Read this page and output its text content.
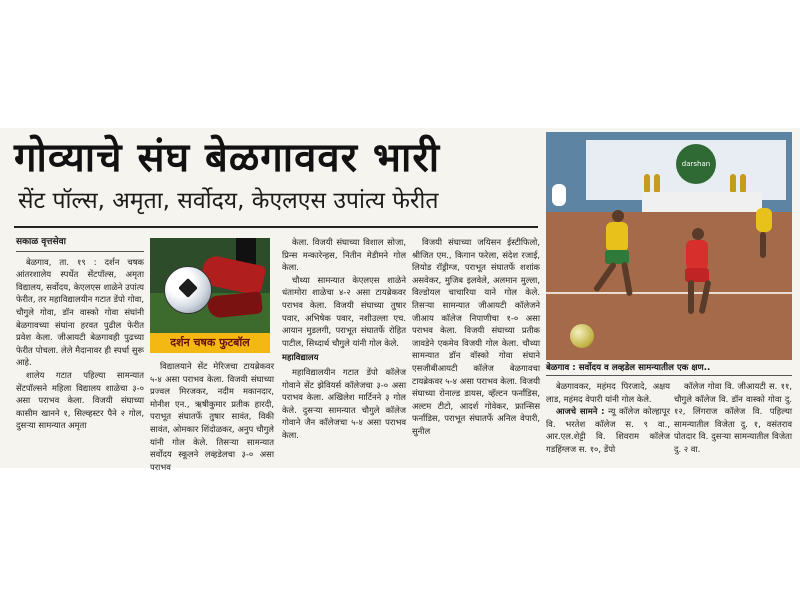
गोव्याचे संघ बेळगाववर भारी
सेंट पॉल्स, अमृता, सर्वोदय, केएलएस उपांत्य फेरीत
सकाळ वृत्तसेवा

बेळगाव, ता. १९ : दर्शन चषक आंतरशालेय स्पर्धेत सेंटपॉल्स, अमृता विद्यालय, सर्वोदय, केएलएस शाळेने उपांत्य फेरीत, तर महाविद्यालयीन गटात डेंपो गोवा, चौगुले गोवा, डॉन वास्को गोवा संघांनी बेळगावच्या संघांना हरवत पुढील फेरीत प्रवेश केला. जीआयटी बेळगावही पुढच्या फेरीत पोचला. लेले मैदानावर ही स्पर्धा सुरू आहे.

शालेय गटात पहिल्या सामन्यात सेंटपॉल्सने महिला विद्यालय शाळेचा ३-० असा पराभव केला. विजयी संघाच्या कासीम खानने १, सिल्व्हस्टर पैने २ गोल, दुसऱ्या सामन्यात अमृता

दर्शन चषक फुटबॉल

विद्यालयाने सेंट मेरिजचा टायब्रेकवर ५-४ असा पराभव केला. विजयी संघाच्या प्रज्वल मिरजकर, नदीम मकानदार, मोनीश एन., ऋषीकुमार प्रतीक हारदी, पराभूत संघातर्फे तुषार सावंत, विकी सावंत, ओमकार शिंदोळकर, अनुप चौगुले यांनी गोल केले. तिसऱ्या सामन्यात सर्वोदय स्कूलने लव्हडेलचा ३-० असा पराभव

केला. विजयी संघाच्या विशाल सोजा, प्रिन्स मन्कारेन्हस, नितीन मेडीमने गोल केला.

चौथ्या सामन्यात केएलएस शाळेने धंतामोरा शाळेचा ४-२ असा टायब्रेकवर पराभव केला. विजयी संघाच्या तुषार पवार, अभिषेक पवार, नशीउल्ला एच. आयान मुडलगी, पराभूत संघातर्फे रोहित पाटील, सिध्दार्थ चौगुले यांनी गोल केले.

महाविद्यालय

महाविद्यालयीन गटात डेंपो कॉलेज गोवाने सेंट झेवियर्स कॉलेजचा ३-० असा पराभव केला. अखिलेश मार्टिनने ३ गोल केले. दुसऱ्या सामन्यात चौगुले कॉलेज गोवाने जैन कॉलेजचा ५-४ असा पराभव केला.

विजयी संघाच्या जयिसन ईस्टीफिलो, श्रीजित एम., किगान फरेला, संदेश रजाई, लियोड रॉड्रीग्ज, पराभूत संघातर्फे शशांक असवेकर, मुजिब इलवेले, अलमान मुल्ला, विल्डोयल चाचारिया याने गोल केले. तिसऱ्या सामन्यात जीआयटी कॉलेजने जीआय कॉलेज निपाणीचा १-० असा पराभव केला. विजयी संघाच्या प्रतीक जावडेने एकमेव विजयी गोल केला. चौथ्या सामन्यात डॉन वॉस्को गोवा संघाने एसजीबीआयटी कॉलेज बेळगावचा टायब्रेकवर ५-४ असा पराभव केला. विजयी संघाच्या रोनाल्ड डायस, व्हॅल्टन फर्नांडिस, अल्टम टीटो, आदर्श गोवेकर, फ्रान्सिस फर्नांडिस, पराभूत संघातर्फे अनिल वेपारी, सुनील

darshan
बेळगाव : सर्वोदय व लव्हडेल सामन्यातील एक क्षण..

बेळगावकर, महंमद पिरजादे, अक्षय लाड, महंमद वेपारी यांनी गोल केले.

आजचे सामने : न्यू कॉलेज कोल्हापूर वि. भरतेश कॉलेज स. ९ वा., आर.एल.शेट्टी वि. शिवराम कॉलेज गडहिंग्लज स. १०, डेंपो

कॉलेज गोवा वि. जीआयटी स. ११, चौगुले कॉलेज वि. डॉन वास्को गोवा दु. १२, लिंगराज कॉलेज वि. पहिल्या सामन्यातील विजेता दु. १, वसंतराव पोतदार वि. दुसऱ्या सामन्यातील विजेता दु. २ वा.
